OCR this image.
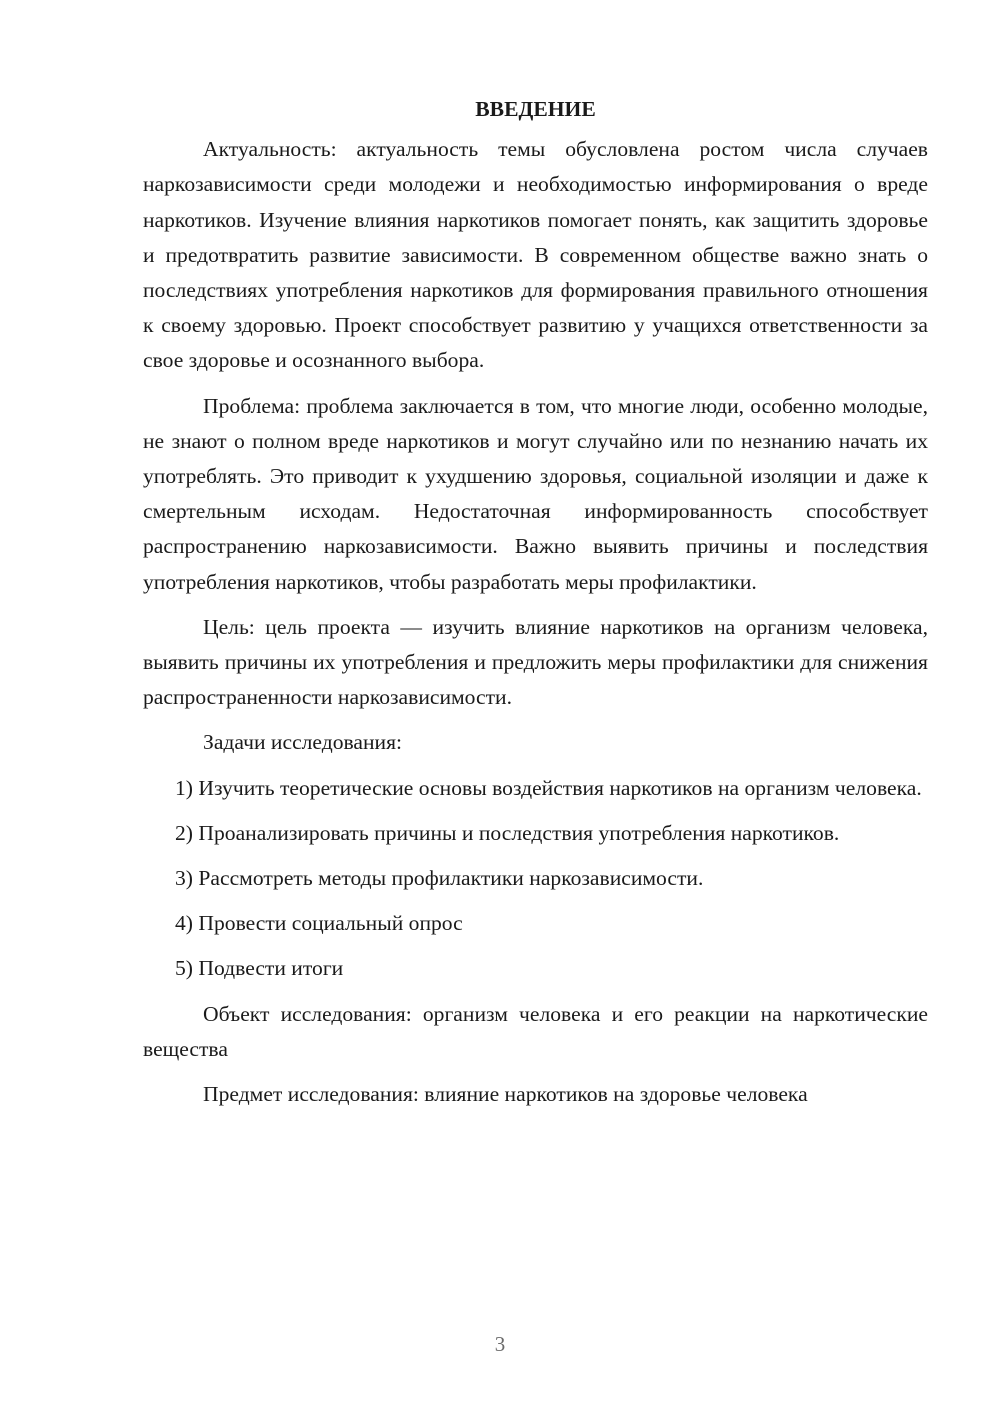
ВВЕДЕНИЕ

Актуальность: актуальность темы обусловлена ростом числа случаев наркозависимости среди молодежи и необходимостью информирования о вреде наркотиков. Изучение влияния наркотиков помогает понять, как защитить здоровье и предотвратить развитие зависимости. В современном обществе важно знать о последствиях употребления наркотиков для формирования правильного отношения к своему здоровью. Проект способствует развитию у учащихся ответственности за свое здоровье и осознанного выбора.

Проблема: проблема заключается в том, что многие люди, особенно молодые, не знают о полном вреде наркотиков и могут случайно или по незнанию начать их употреблять. Это приводит к ухудшению здоровья, социальной изоляции и даже к смертельным исходам. Недостаточная информированность способствует распространению наркозависимости. Важно выявить причины и последствия употребления наркотиков, чтобы разработать меры профилактики.

Цель: цель проекта — изучить влияние наркотиков на организм человека, выявить причины их употребления и предложить меры профилактики для снижения распространенности наркозависимости.

Задачи исследования:

1) Изучить теоретические основы воздействия наркотиков на организм человека.

2) Проанализировать причины и последствия употребления наркотиков.

3) Рассмотреть методы профилактики наркозависимости.

4) Провести социальный опрос

5) Подвести итоги

Объект исследования: организм человека и его реакции на наркотические вещества

Предмет исследования: влияние наркотиков на здоровье человека

3
